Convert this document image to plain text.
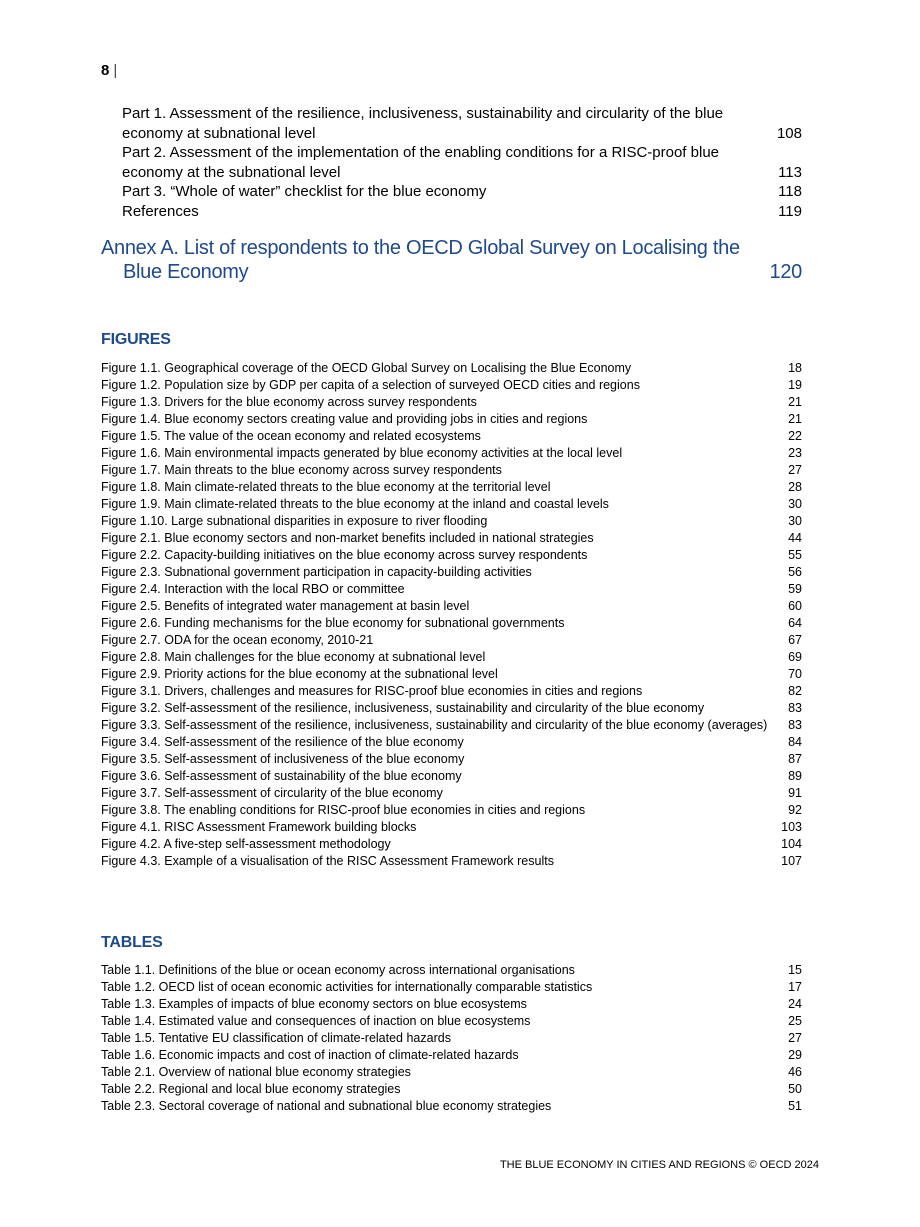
8 |
Part 1. Assessment of the resilience, inclusiveness, sustainability and circularity of the blue economy at subnational level	108
Part 2. Assessment of the implementation of the enabling conditions for a RISC-proof blue economy at the subnational level	113
Part 3. “Whole of water” checklist for the blue economy	118
References	119
Annex A. List of respondents to the OECD Global Survey on Localising the Blue Economy	120
FIGURES
Figure 1.1. Geographical coverage of the OECD Global Survey on Localising the Blue Economy	18
Figure 1.2. Population size by GDP per capita of a selection of surveyed OECD cities and regions	19
Figure 1.3. Drivers for the blue economy across survey respondents	21
Figure 1.4. Blue economy sectors creating value and providing jobs in cities and regions	21
Figure 1.5. The value of the ocean economy and related ecosystems	22
Figure 1.6. Main environmental impacts generated by blue economy activities at the local level	23
Figure 1.7. Main threats to the blue economy across survey respondents	27
Figure 1.8. Main climate-related threats to the blue economy at the territorial level	28
Figure 1.9. Main climate-related threats to the blue economy at the inland and coastal levels	30
Figure 1.10. Large subnational disparities in exposure to river flooding	30
Figure 2.1. Blue economy sectors and non-market benefits included in national strategies	44
Figure 2.2. Capacity-building initiatives on the blue economy across survey respondents	55
Figure 2.3. Subnational government participation in capacity-building activities	56
Figure 2.4. Interaction with the local RBO or committee	59
Figure 2.5. Benefits of integrated water management at basin level	60
Figure 2.6. Funding mechanisms for the blue economy for subnational governments	64
Figure 2.7. ODA for the ocean economy, 2010-21	67
Figure 2.8. Main challenges for the blue economy at subnational level	69
Figure 2.9. Priority actions for the blue economy at the subnational level	70
Figure 3.1. Drivers, challenges and measures for RISC-proof blue economies in cities and regions	82
Figure 3.2. Self-assessment of the resilience, inclusiveness, sustainability and circularity of the blue economy	83
Figure 3.3. Self-assessment of the resilience, inclusiveness, sustainability and circularity of the blue economy (averages)	83
Figure 3.4. Self-assessment of the resilience of the blue economy	84
Figure 3.5. Self-assessment of inclusiveness of the blue economy	87
Figure 3.6. Self-assessment of sustainability of the blue economy	89
Figure 3.7. Self-assessment of circularity of the blue economy	91
Figure 3.8. The enabling conditions for RISC-proof blue economies in cities and regions	92
Figure 4.1. RISC Assessment Framework building blocks	103
Figure 4.2. A five-step self-assessment methodology	104
Figure 4.3. Example of a visualisation of the RISC Assessment Framework results	107
TABLES
Table 1.1. Definitions of the blue or ocean economy across international organisations	15
Table 1.2. OECD list of ocean economic activities for internationally comparable statistics	17
Table 1.3. Examples of impacts of blue economy sectors on blue ecosystems	24
Table 1.4. Estimated value and consequences of inaction on blue ecosystems	25
Table 1.5. Tentative EU classification of climate-related hazards	27
Table 1.6. Economic impacts and cost of inaction of climate-related hazards	29
Table 2.1. Overview of national blue economy strategies	46
Table 2.2. Regional and local blue economy strategies	50
Table 2.3. Sectoral coverage of national and subnational blue economy strategies	51
THE BLUE ECONOMY IN CITIES AND REGIONS © OECD 2024
